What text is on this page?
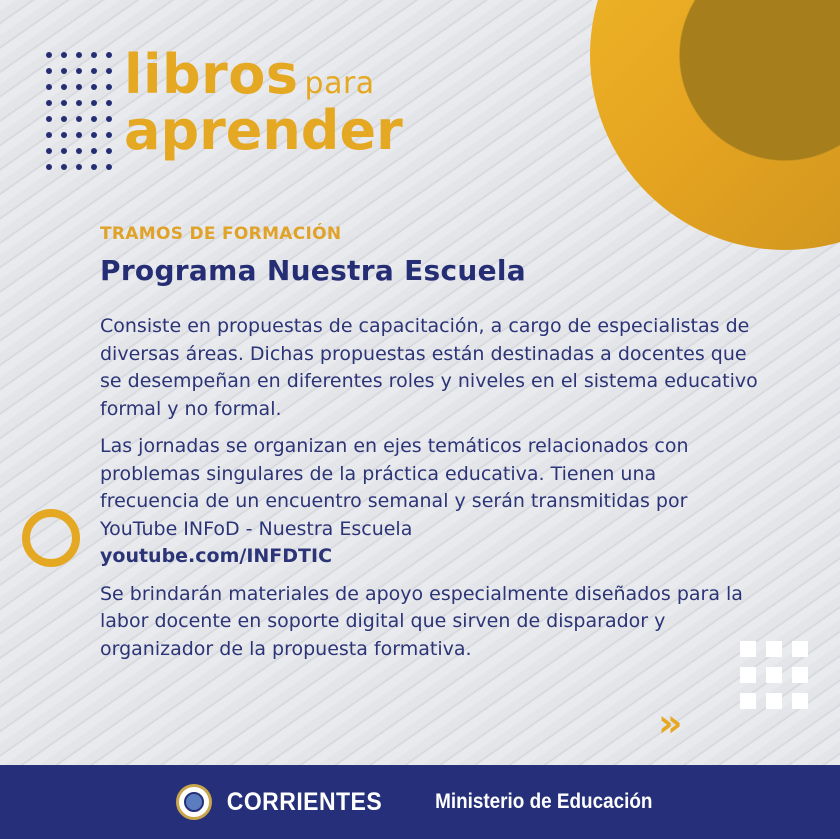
libros para
aprender
TRAMOS DE FORMACIÓN
Programa Nuestra Escuela

Consiste en propuestas de capacitación, a cargo de especialistas de diversas áreas. Dichas propuestas están destinadas a docentes que se desempeñan en diferentes roles y niveles en el sistema educativo formal y no formal.

Las jornadas se organizan en ejes temáticos relacionados con problemas singulares de la práctica educativa. Tienen una frecuencia de un encuentro semanal y serán transmitidas por YouTube INFoD - Nuestra Escuela
youtube.com/INFDTIC

Se brindarán materiales de apoyo especialmente diseñados para la labor docente en soporte digital que sirven de disparador y organizador de la propuesta formativa.

»
CORRIENTES	Ministerio de Educación
